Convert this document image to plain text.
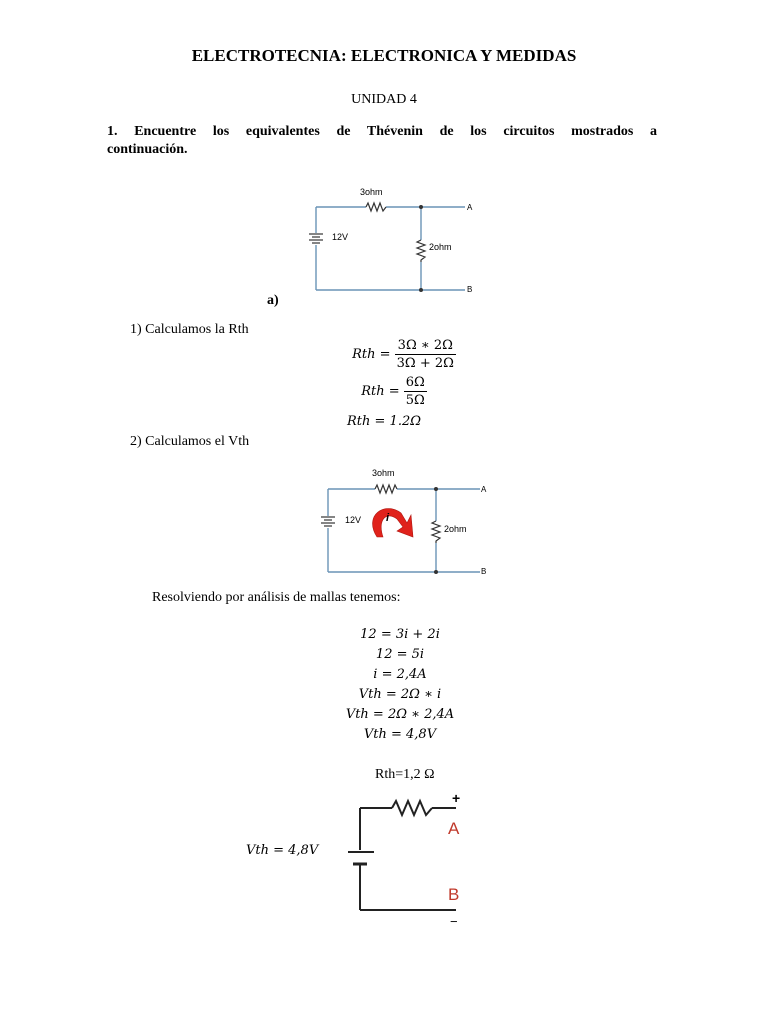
ELECTROTECNIA: ELECTRONICA Y MEDIDAS
UNIDAD 4
1. Encuentre los equivalentes de Thévenin de los circuitos mostrados a
continuación.
3ohm
12V
2ohm
A
B
a)
1) Calculamos la Rth
Rth = $\frac{3\Omega ∗ 2\Omega}{3\Omega + 2\Omega}$
Rth = $\frac{6\Omega}{5\Omega}$
Rth = 1.2Ω
2) Calculamos el Vth
i
3ohm
12V
2ohm
A
B
Resolviendo por análisis de mallas tenemos:
12 = 3i + 2i
12 = 5i
i = 2,4A
Vth = 2Ω ∗ i
Vth = 2Ω ∗ 2,4A
Vth = 4,8V
Rth=1,2 Ω
+
A
B
−
Vth = 4,8V
